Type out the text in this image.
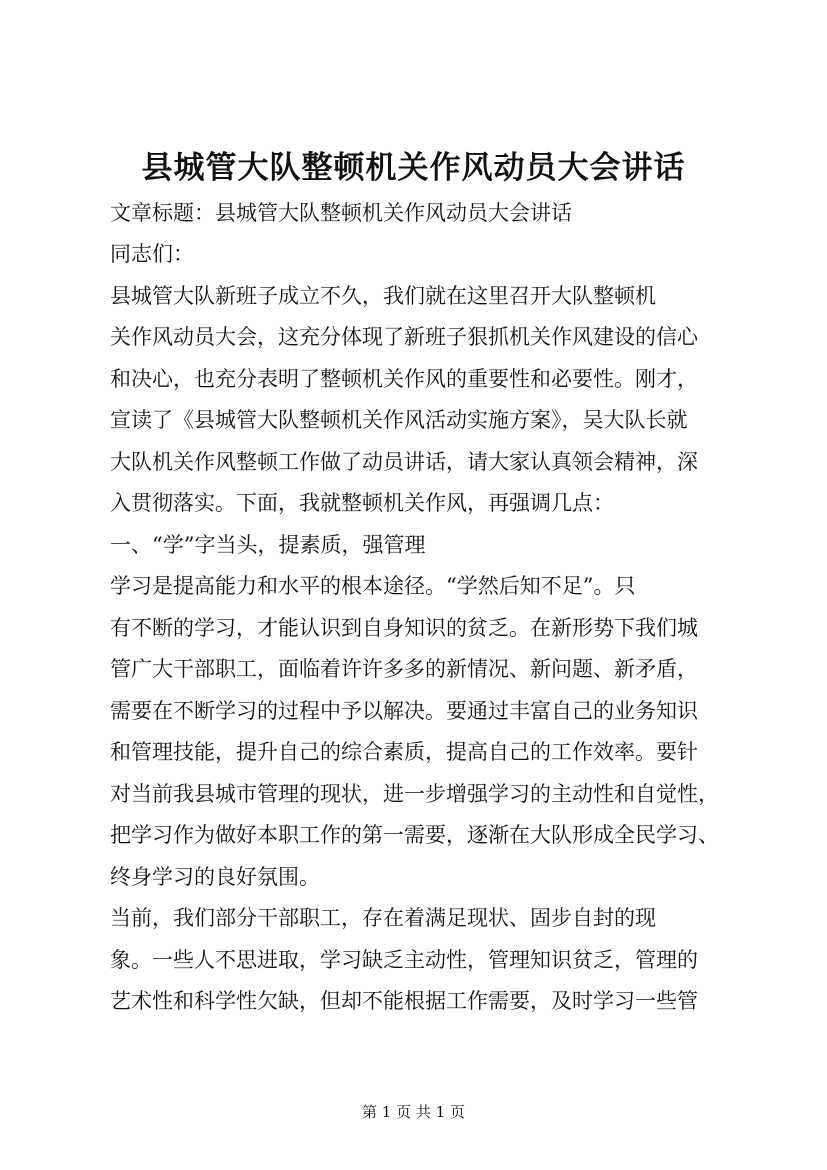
县城管大队整顿机关作风动员大会讲话
文章标题：县城管大队整顿机关作风动员大会讲话
同志们：
县城管大队新班子成立不久，我们就在这里召开大队整顿机
关作风动员大会，这充分体现了新班子狠抓机关作风建设的信心
和决心，也充分表明了整顿机关作风的重要性和必要性。刚才，
宣读了《县城管大队整顿机关作风活动实施方案》，吴大队长就
大队机关作风整顿工作做了动员讲话，请大家认真领会精神，深
入贯彻落实。下面，我就整顿机关作风，再强调几点：
一、“学”字当头，提素质，强管理
学习是提高能力和水平的根本途径。“学然后知不足”。只
有不断的学习，才能认识到自身知识的贫乏。在新形势下我们城
管广大干部职工，面临着许许多多的新情况、新问题、新矛盾，
需要在不断学习的过程中予以解决。要通过丰富自己的业务知识
和管理技能，提升自己的综合素质，提高自己的工作效率。要针
对当前我县城市管理的现状，进一步增强学习的主动性和自觉性，
把学习作为做好本职工作的第一需要，逐渐在大队形成全民学习、
终身学习的良好氛围。
当前，我们部分干部职工，存在着满足现状、固步自封的现
象。一些人不思进取，学习缺乏主动性，管理知识贫乏，管理的
艺术性和科学性欠缺，但却不能根据工作需要，及时学习一些管
第 1 页 共 1 页
